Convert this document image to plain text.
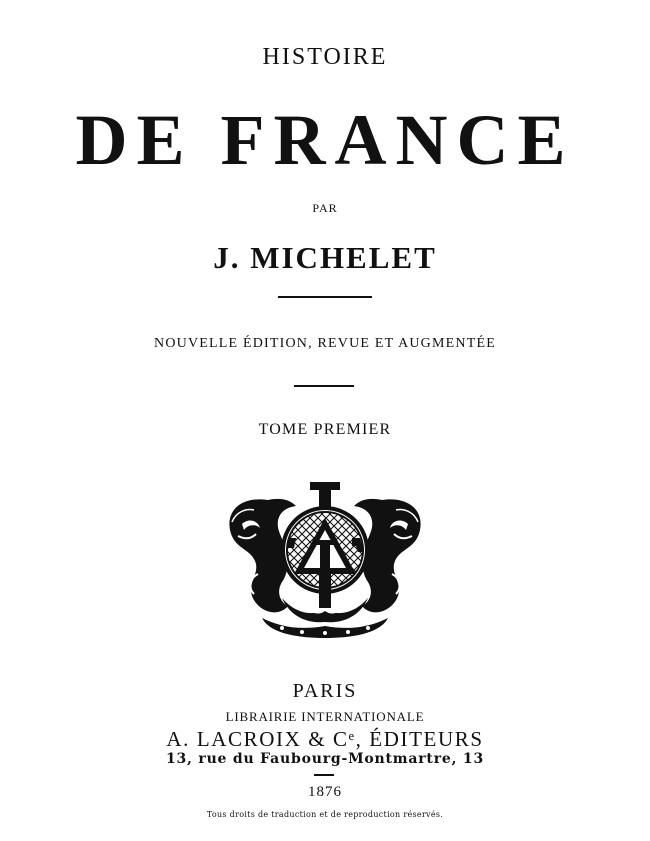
HISTOIRE
DE FRANCE
PAR
J. MICHELET
NOUVELLE ÉDITION, REVUE ET AUGMENTÉE
TOME PREMIER
PARIS
LIBRAIRIE INTERNATIONALE
A. LACROIX & Cᵉ, ÉDITEURS
13, rue du Faubourg-Montmartre, 13
1876
Tous droits de traduction et de reproduction réservés.
